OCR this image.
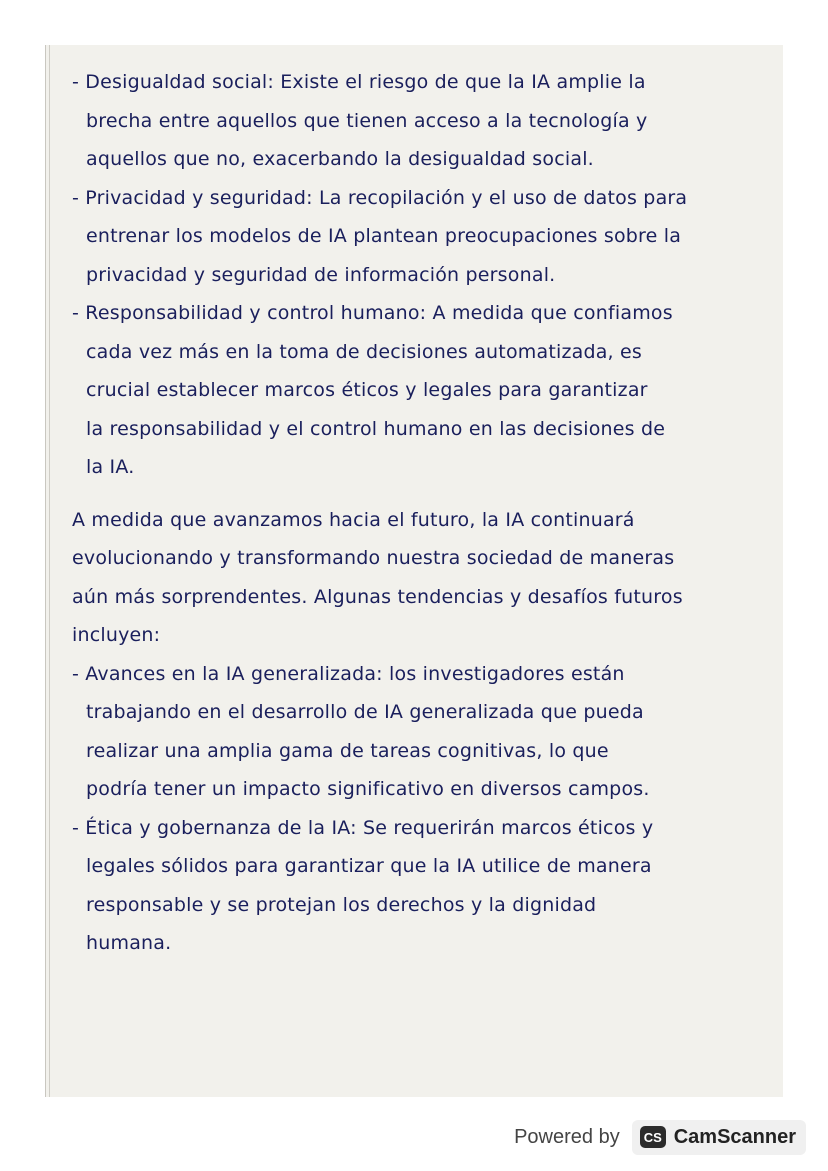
- Desigualdad social: Existe el riesgo de que la IA amplie la
brecha entre aquellos que tienen acceso a la tecnología y
aquellos que no, exacerbando la desigualdad social.
- Privacidad y seguridad: La recopilación y el uso de datos para
entrenar los modelos de IA plantean preocupaciones sobre la
privacidad y seguridad de información personal.
- Responsabilidad y control humano: A medida que confiamos
cada vez más en la toma de decisiones automatizada, es
crucial establecer marcos éticos y legales para garantizar
la responsabilidad y el control humano en las decisiones de
la IA.
A medida que avanzamos hacia el futuro, la IA continuará
evolucionando y transformando nuestra sociedad de maneras
aún más sorprendentes. Algunas tendencias y desafíos futuros
incluyen:
- Avances en la IA generalizada: los investigadores están
trabajando en el desarrollo de IA generalizada que pueda
realizar una amplia gama de tareas cognitivas, lo que
podría tener un impacto significativo en diversos campos.
- Ética y gobernanza de la IA: Se requerirán marcos éticos y
legales sólidos para garantizar que la IA utilice de manera
responsable y se protejan los derechos y la dignidad
humana.
Powered by	CS CamScanner
